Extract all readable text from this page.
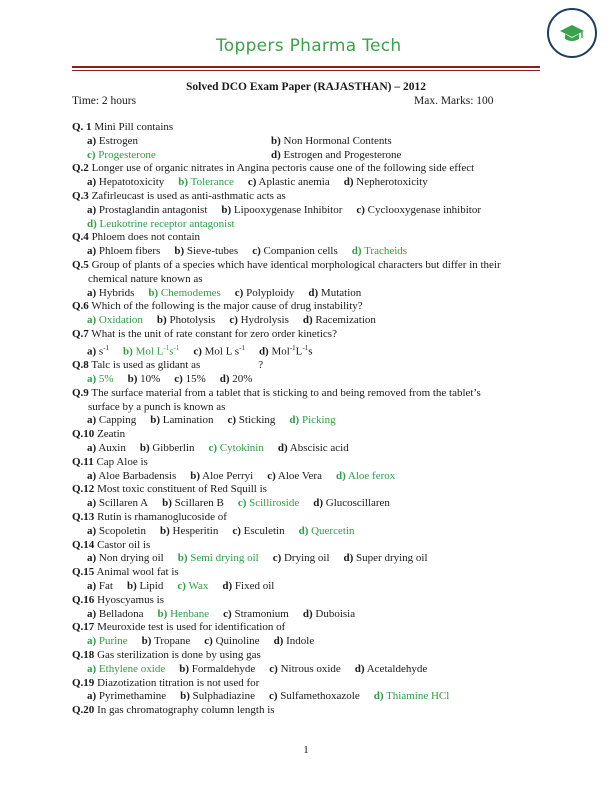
Toppers Pharma Tech
Solved DCO Exam Paper (RAJASTHAN) – 2012
Time: 2 hours	Max. Marks: 100
Q. 1 Mini Pill contains
a) Estrogen	b) Non Hormonal Contents
c) Progesterone	d) Estrogen and Progesterone
Q.2 Longer use of organic nitrates in Angina pectoris cause one of the following side effect
a) Hepatotoxicity b) Tolerance c) Aplastic anemia d) Nepherotoxicity
Q.3 Zafirleucast is used as anti-asthmatic acts as
a) Prostaglandin antagonist b) Lipooxygenase Inhibitor c) Cyclooxygenase inhibitor
d) Leukotrine receptor antagonist
Q.4 Phloem does not contain
a) Phloem fibers b) Sieve-tubes c) Companion cells d) Tracheids
Q.5 Group of plants of a species which have identical morphological characters but differ in their
chemical nature known as
a) Hybrids b) Chemodemes c) Polyploidy d) Mutation
Q.6 Which of the following is the major cause of drug instability?
a) Oxidation b) Photolysis c) Hydrolysis d) Racemization
Q.7 What is the unit of rate constant for zero order kinetics?
a) $s^{-1}$ b) Mol $L^{-1}s^{-1}$ c) Mol L $s^{-1}$ d) $Mol^{-1}L^{-1}s$
Q.8 Talc is used as glidant as	?
a) 5% b) 10% c) 15% d) 20%
Q.9 The surface material from a tablet that is sticking to and being removed from the tablet’s
surface by a punch is known as
a) Capping b) Lamination c) Sticking d) Picking
Q.10 Zeatin
a) Auxin b) Gibberlin c) Cytokinin d) Abscisic acid
Q.11 Cap Aloe is
a) Aloe Barbadensis b) Aloe Perryi c) Aloe Vera d) Aloe ferox
Q.12 Most toxic constituent of Red Squill is
a) Scillaren A b) Scillaren B c) Scilliroside d) Glucoscillaren
Q.13 Rutin is rhamanoglucoside of
a) Scopoletin b) Hesperitin c) Esculetin d) Quercetin
Q.14 Castor oil is
a) Non drying oil b) Semi drying oil c) Drying oil d) Super drying oil
Q.15 Animal wool fat is
a) Fat b) Lipid c) Wax d) Fixed oil
Q.16 Hyoscyamus is
a) Belladona b) Henbane c) Stramonium d) Duboisia
Q.17 Meuroxide test is used for identification of
a) Purine b) Tropane c) Quinoline d) Indole
Q.18 Gas sterilization is done by using gas
a) Ethylene oxide b) Formaldehyde c) Nitrous oxide d) Acetaldehyde
Q.19 Diazotization titration is not used for
a) Pyrimethamine b) Sulphadiazine c) Sulfamethoxazole d) Thiamine HCl
Q.20 In gas chromatography column length is
1
